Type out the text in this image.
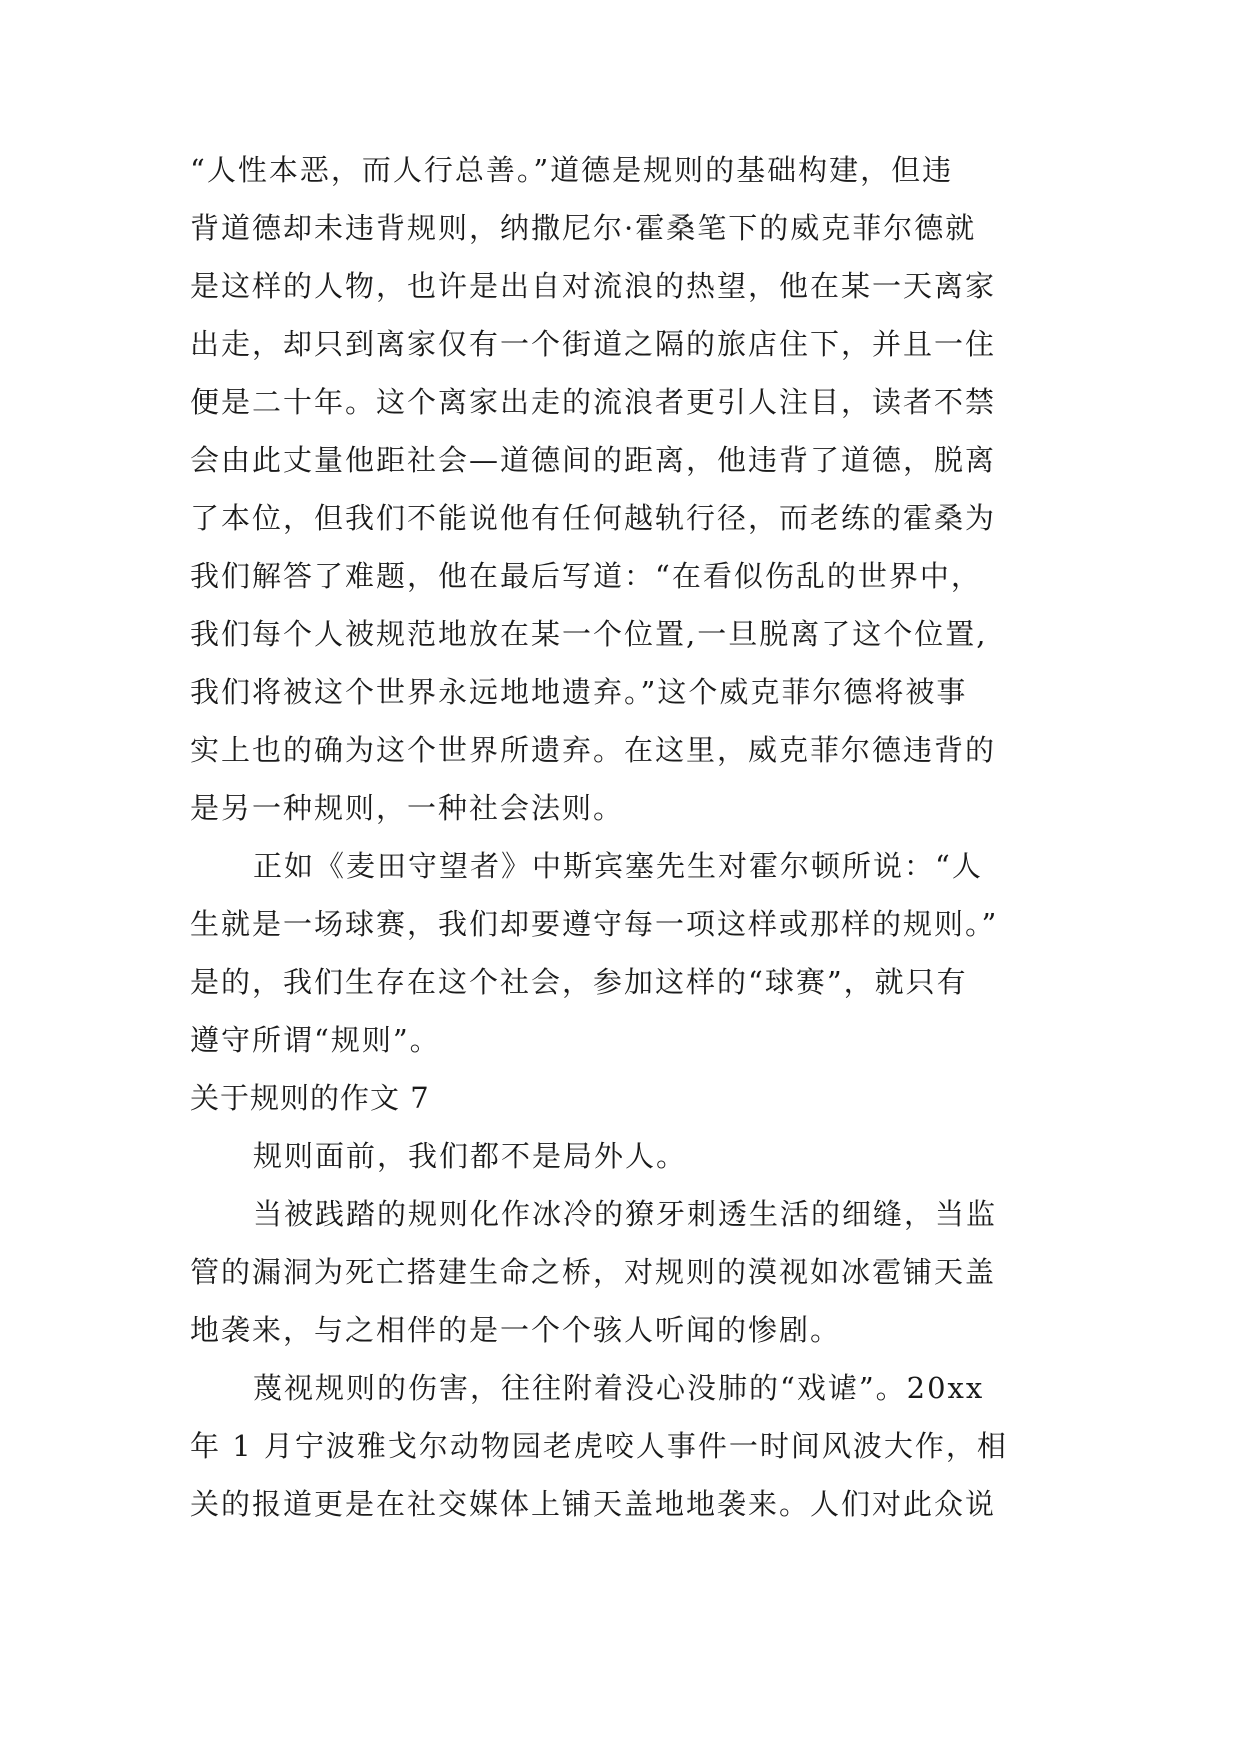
“人性本恶，而人行总善。”道德是规则的基础构建，但违
背道德却未违背规则，纳撒尼尔·霍桑笔下的威克菲尔德就
是这样的人物，也许是出自对流浪的热望，他在某一天离家
出走，却只到离家仅有一个街道之隔的旅店住下，并且一住
便是二十年。这个离家出走的流浪者更引人注目，读者不禁
会由此丈量他距社会—道德间的距离，他违背了道德，脱离
了本位，但我们不能说他有任何越轨行径，而老练的霍桑为
我们解答了难题，他在最后写道：“在看似伤乱的世界中，
我们每个人被规范地放在某一个位置,一旦脱离了这个位置,
我们将被这个世界永远地地遗弃。”这个威克菲尔德将被事
实上也的确为这个世界所遗弃。在这里，威克菲尔德违背的
是另一种规则，一种社会法则。
正如《麦田守望者》中斯宾塞先生对霍尔顿所说：“人
生就是一场球赛，我们却要遵守每一项这样或那样的规则。”
是的，我们生存在这个社会，参加这样的“球赛”，就只有
遵守所谓“规则”。
关于规则的作文 7
规则面前，我们都不是局外人。
当被践踏的规则化作冰冷的獠牙刺透生活的细缝，当监
管的漏洞为死亡搭建生命之桥，对规则的漠视如冰雹铺天盖
地袭来，与之相伴的是一个个骇人听闻的惨剧。
蔑视规则的伤害，往往附着没心没肺的“戏谑”。20xx
年 1 月宁波雅戈尔动物园老虎咬人事件一时间风波大作，相
关的报道更是在社交媒体上铺天盖地地袭来。人们对此众说
